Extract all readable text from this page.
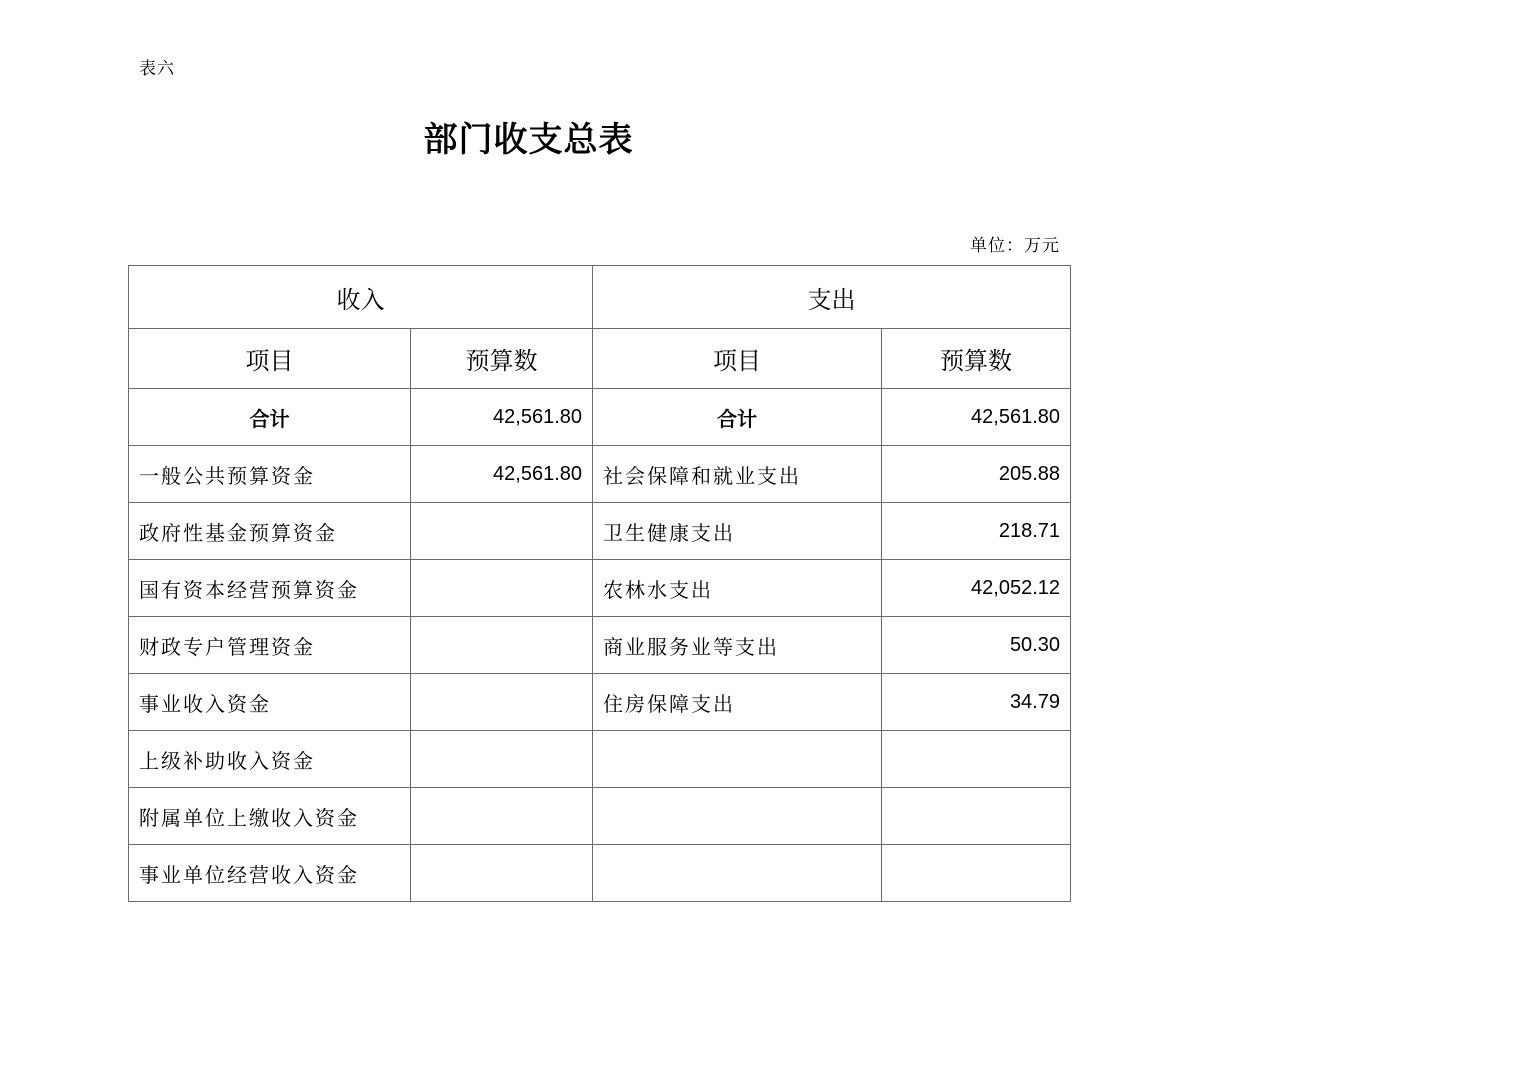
表六
部门收支总表
单位：万元
收入		支出	
项目	预算数	项目	预算数
合计	42,561.80	合计	42,561.80
一般公共预算资金	42,561.80	社会保障和就业支出	205.88
政府性基金预算资金		卫生健康支出	218.71
国有资本经营预算资金		农林水支出	42,052.12
财政专户管理资金		商业服务业等支出	50.30
事业收入资金		住房保障支出	34.79
上级补助收入资金			
附属单位上缴收入资金			
事业单位经营收入资金			
